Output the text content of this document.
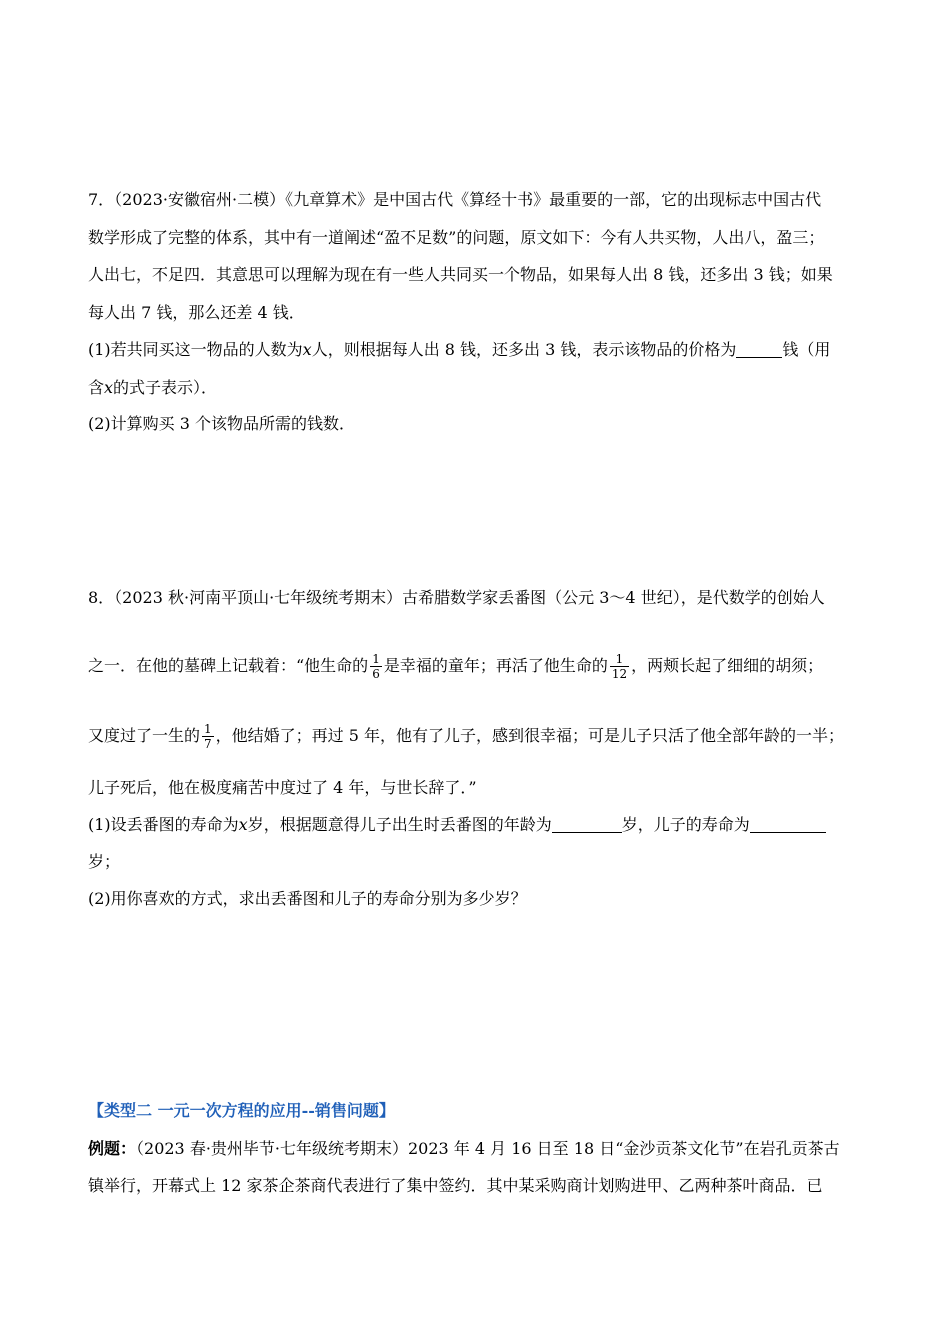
7．（2023·安徽宿州·二模）《九章算术》是中国古代《算经十书》最重要的一部，它的出现标志中国古代
数学形成了完整的体系，其中有一道阐述“盈不足数”的问题，原文如下：今有人共买物，人出八，盈三；
人出七，不足四．其意思可以理解为现在有一些人共同买一个物品，如果每人出 8 钱，还多出 3 钱；如果
每人出 7 钱，那么还差 4 钱．
(1)若共同买这一物品的人数为x人，则根据每人出 8 钱，还多出 3 钱，表示该物品的价格为	钱（用
含x的式子表示）．
(2)计算购买 3 个该物品所需的钱数．
8．（2023 秋·河南平顶山·七年级统考期末）古希腊数学家丢番图（公元 3～4 世纪），是代数学的创始人
之一．在他的墓碑上记载着：“他生命的 $\frac{1}{6}$ 是幸福的童年；再活了他生命的 $\frac{1}{12}$ ，两颊长起了细细的胡须；
又度过了一生的 $\frac{1}{7}$ ，他结婚了；再过 5 年，他有了儿子，感到很幸福；可是儿子只活了他全部年龄的一半；
儿子死后，他在极度痛苦中度过了 4 年，与世长辞了．”
(1)设丢番图的寿命为x岁，根据题意得儿子出生时丢番图的年龄为	岁，儿子的寿命为
岁；
(2)用你喜欢的方式，求出丢番图和儿子的寿命分别为多少岁？
【类型二 一元一次方程的应用--销售问题】
例题：（2023 春·贵州毕节·七年级统考期末）2023 年 4 月 16 日至 18 日“金沙贡茶文化节”在岩孔贡茶古
镇举行，开幕式上 12 家茶企茶商代表进行了集中签约．其中某采购商计划购进甲、乙两种茶叶商品．已
